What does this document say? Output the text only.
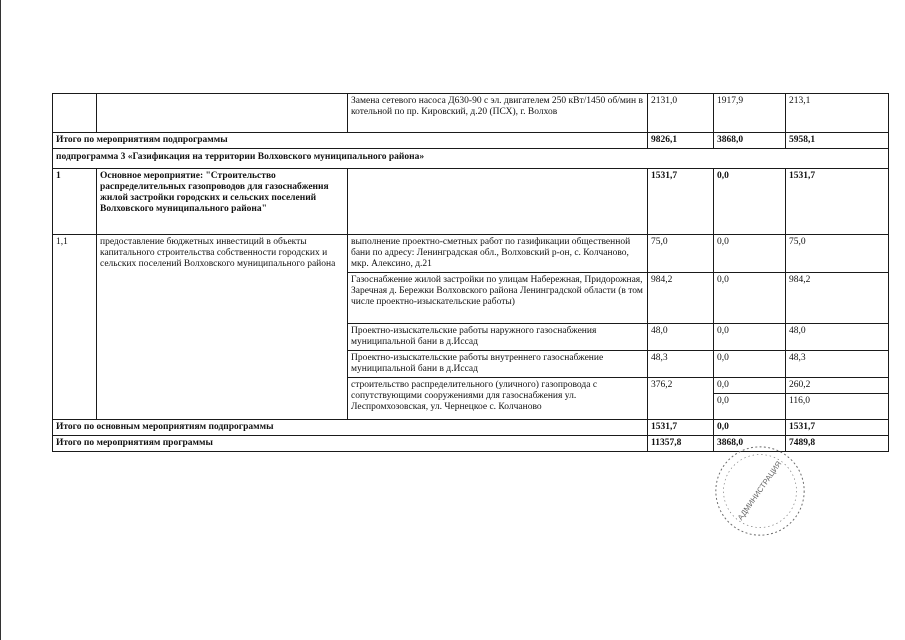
		Замена сетевого насоса Д630-90 с эл. двигателем 250 кВт/1450 об/мин в котельной по пр. Кировский, д.20 (ПСХ), г. Волхов	2131,0	1917,9	213,1
Итого по мероприятиям подпрограммы			9826,1	3868,0	5958,1
подпрограмма 3 «Газификация на территории Волховского муниципального района»					
1	Основное мероприятие: "Строительство распределительных газопроводов для газоснабжения жилой застройки городских и сельских поселений Волховского муниципального района"		1531,7	0,0	1531,7
1,1	предоставление бюджетных инвестиций в объекты капитального строительства собственности городских и сельских поселений Волховского муниципального района	выполнение проектно-сметных работ по газификации общественной бани по адресу: Ленинградская обл., Волховский р-он, с. Колчаново, мкр. Алексино, д.21	75,0	0,0	75,0
		Газоснабжение жилой застройки по улицам Набережная, Придорожная, Заречная д. Бережки Волховского района Ленинградской области (в том числе проектно-изыскательские работы)	984,2	0,0	984,2
		Проектно-изыскательские работы наружного газоснабжения муниципальной бани в д.Иссад	48,0	0,0	48,0
		Проектно-изыскательские работы внутреннего газоснабжение муниципальной бани в д.Иссад	48,3	0,0	48,3
		строительство распределительного (уличного) газопровода с сопутствующими сооружениями для газоснабжения ул. Леспромхозовская, ул. Чернецкое с. Колчаново	376,2	0,0	260,2
				0,0	116,0
Итого по основным мероприятиям подпрограммы			1531,7	0,0	1531,7
Итого по мероприятиям программы			11357,8	3868,0	7489,8
АДМИНИСТРАЦИЯ
